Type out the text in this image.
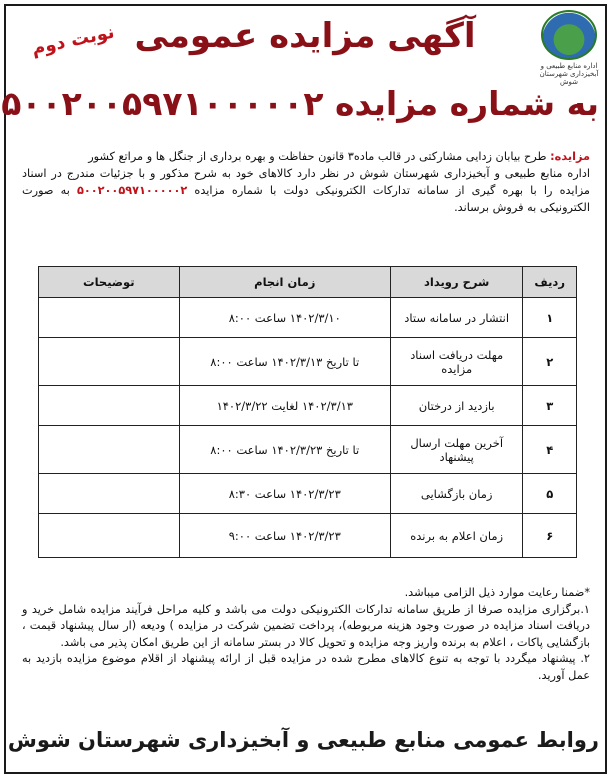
اداره منابع طبیعی و آبخیزداری شهرستان شوش
نوبت دوم آگهی مزایده عمومی
به شماره مزایده ۵۰۰۲۰۰۵۹۷۱۰۰۰۰۰۲
مزایده: طرح بیابان زدایی مشارکتی در قالب ماده۳ قانون حفاظت و بهره برداری از جنگل ها و مراتع کشور
اداره منابع طبیعی و آبخیزداری شهرستان شوش در نظر دارد کالاهای خود به شرح مذکور و با جزئیات مندرج در اسناد مزایده را با بهره گیری از سامانه تدارکات الکترونیکی دولت با شماره مزایده ۵۰۰۲۰۰۵۹۷۱۰۰۰۰۰۲ به صورت الکترونیکی به فروش برساند.
ردیف	شرح رویداد	زمان انجام	توضیحات
۱	انتشار در سامانه ستاد	۱۴۰۲/۳/۱۰ ساعت ۸:۰۰	
۲	مهلت دریافت اسناد مزایده	تا تاریخ ۱۴۰۲/۳/۱۳ ساعت ۸:۰۰	
۳	بازدید از درختان	۱۴۰۲/۳/۱۳ لغایت ۱۴۰۲/۳/۲۲	
۴	آخرین مهلت ارسال پیشنهاد	تا تاریخ ۱۴۰۲/۳/۲۳ ساعت ۸:۰۰	
۵	زمان بازگشایی	۱۴۰۲/۳/۲۳ ساعت ۸:۳۰	
۶	زمان اعلام به برنده	۱۴۰۲/۳/۲۳ ساعت ۹:۰۰	

*ضمنا رعایت موارد ذیل الزامی میباشد.

۱.برگزاری مزایده صرفا از طریق سامانه تدارکات الکترونیکی دولت می باشد و کلیه مراحل فرآیند مزایده شامل خرید و دریافت اسناد مزایده در صورت وجود هزینه مربوطه)، پرداخت تضمین شرکت در مزایده ) ودیعه (ار سال پیشنهاد قیمت ، بازگشایی پاکات ، اعلام به برنده واریز وجه مزایده و تحویل کالا در بستر سامانه از این طریق امکان پذیر می باشد.

۲. پیشنهاد میگردد با توجه به تنوع کالاهای مطرح شده در مزایده قبل از ارائه پیشنهاد از اقلام موضوع مزایده بازدید به عمل آورید.

روابط عمومی منابع طبیعی و آبخیزداری شهرستان شوش
